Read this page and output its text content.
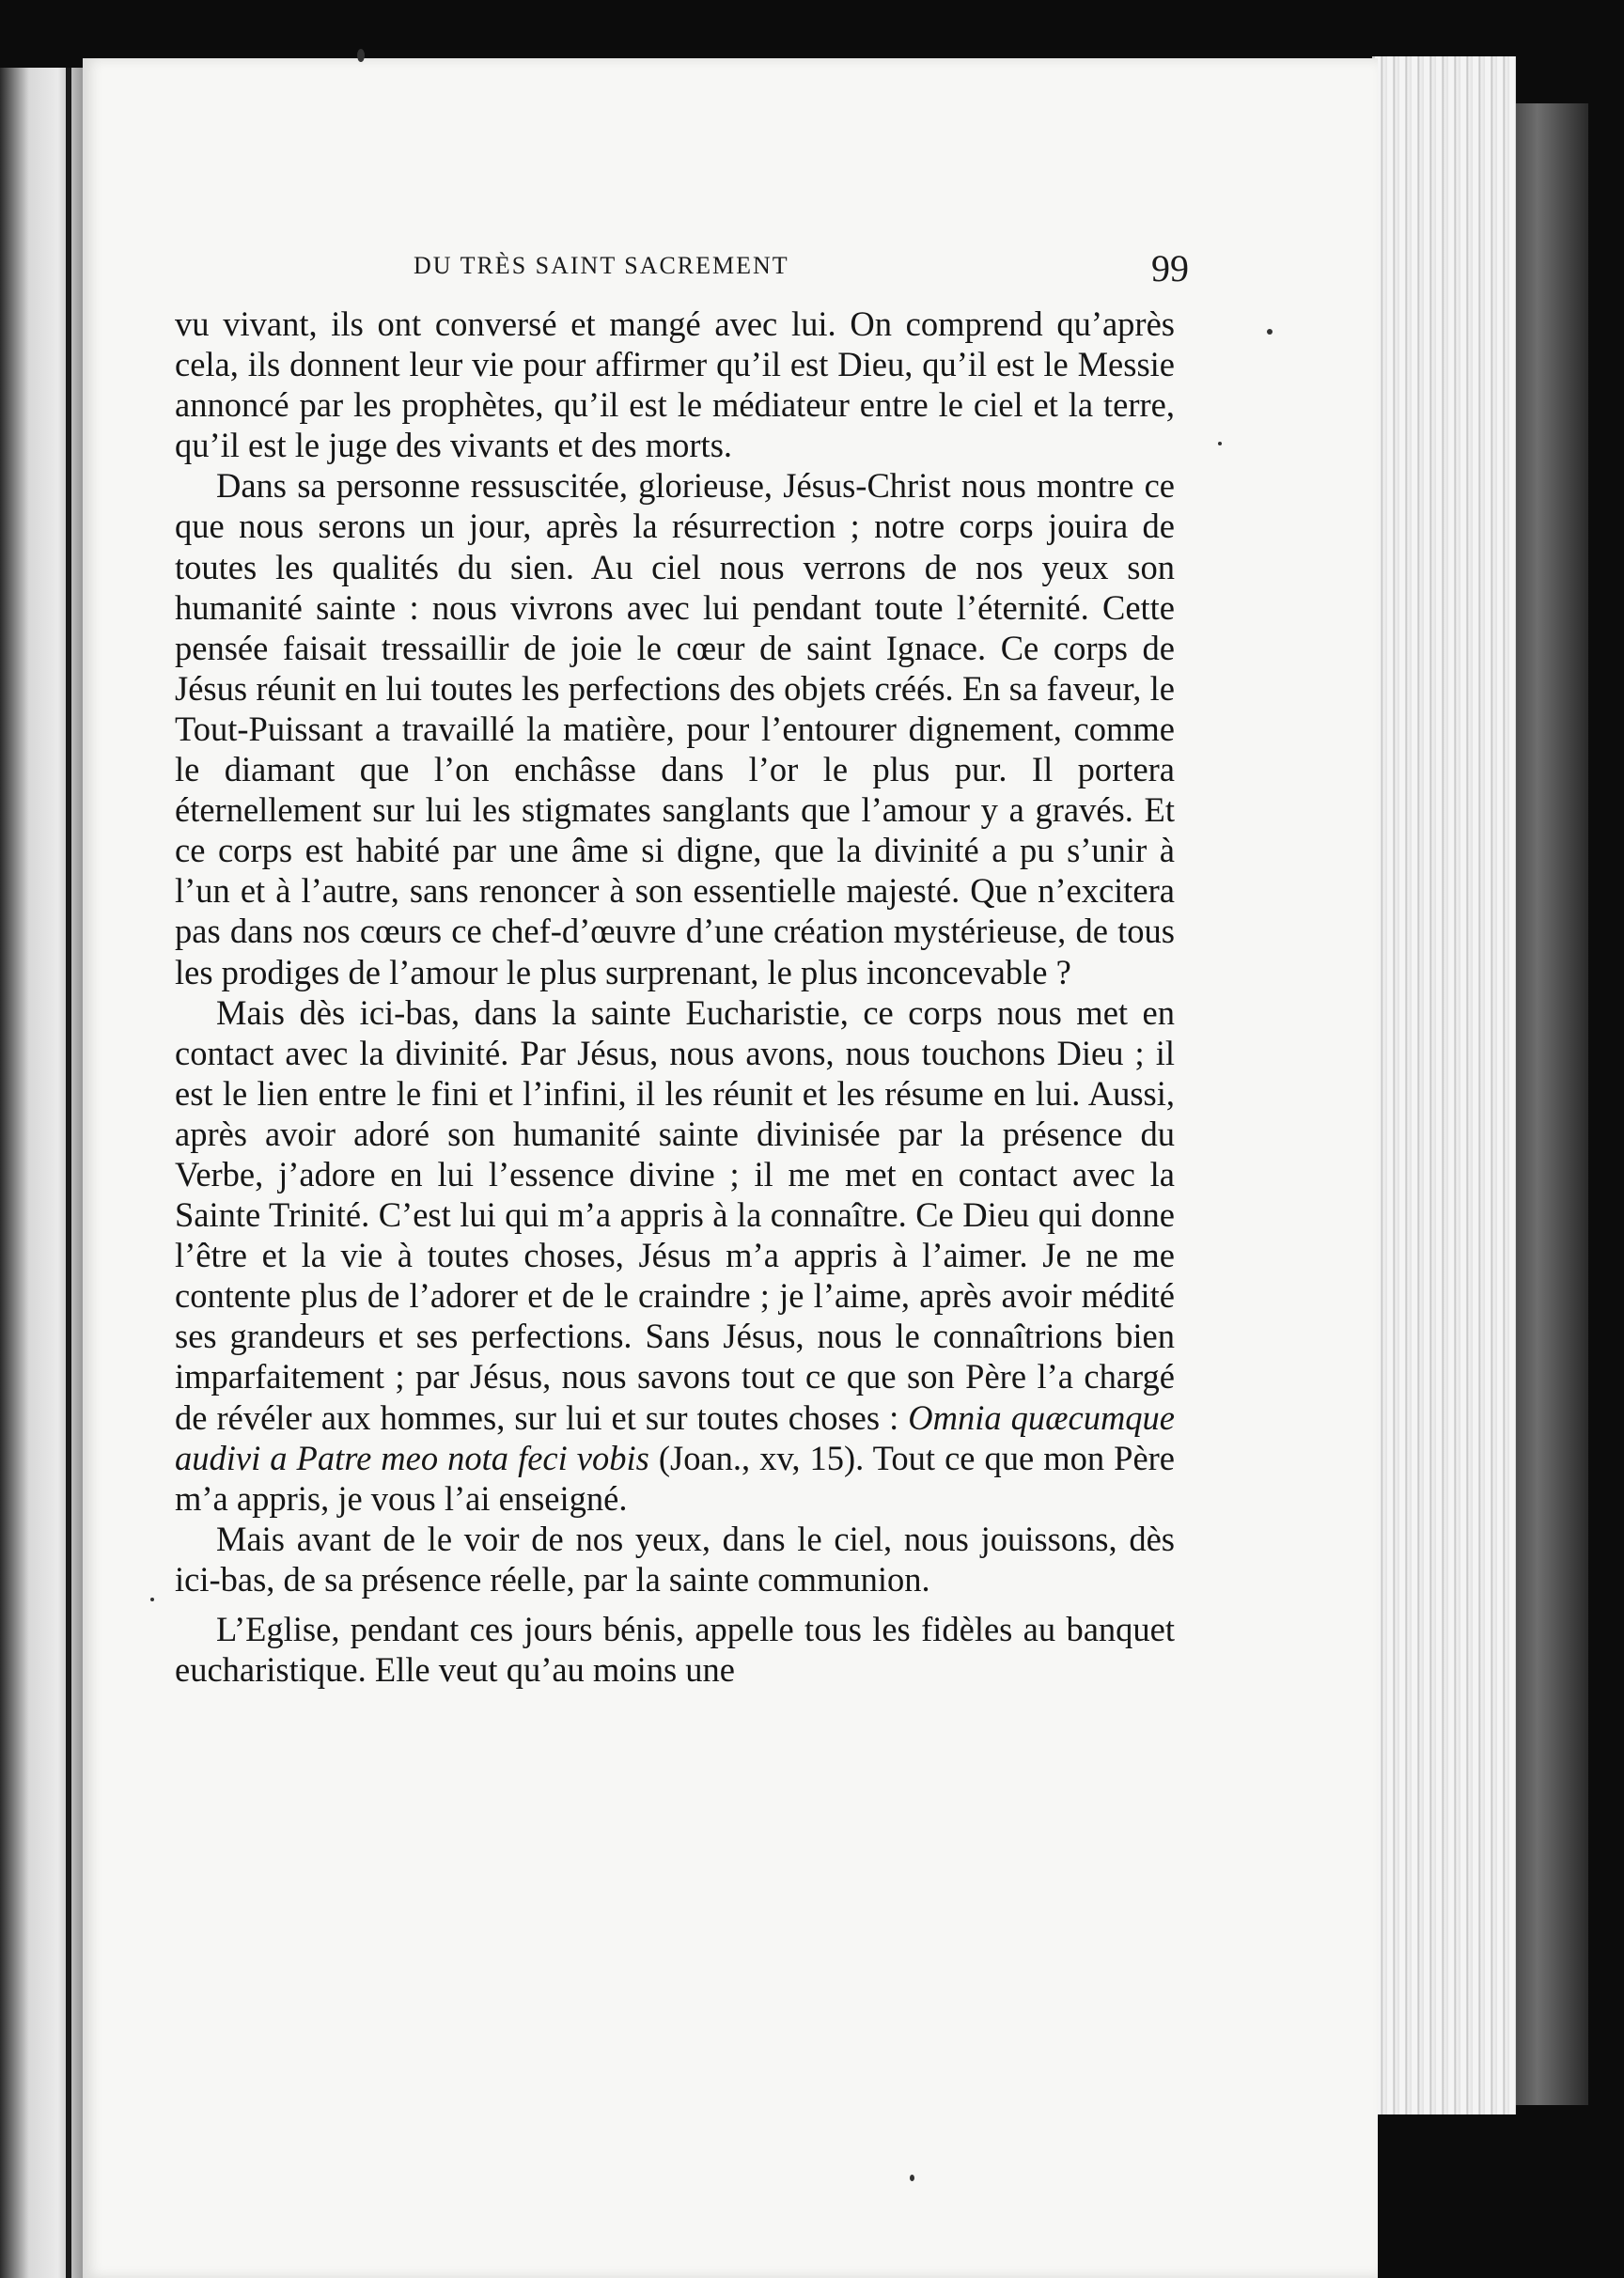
DU TRÈS SAINT SACREMENT	99

vu vivant, ils ont conversé et mangé avec lui. On comprend qu’après cela, ils donnent leur vie pour affirmer qu’il est Dieu, qu’il est le Messie annoncé par les prophètes, qu’il est le médiateur entre le ciel et la terre, qu’il est le juge des vivants et des morts.

Dans sa personne ressuscitée, glorieuse, Jésus-Christ nous montre ce que nous serons un jour, après la résurrection ; notre corps jouira de toutes les qualités du sien. Au ciel nous verrons de nos yeux son humanité sainte : nous vivrons avec lui pendant toute l’éternité. Cette pensée faisait tressaillir de joie le cœur de saint Ignace. Ce corps de Jésus réunit en lui toutes les perfections des objets créés. En sa faveur, le Tout-Puissant a travaillé la matière, pour l’entourer dignement, comme le diamant que l’on enchâsse dans l’or le plus pur. Il portera éternellement sur lui les stigmates sanglants que l’amour y a gravés. Et ce corps est habité par une âme si digne, que la divinité a pu s’unir à l’un et à l’autre, sans renoncer à son essentielle majesté. Que n’excitera pas dans nos cœurs ce chef-d’œuvre d’une création mystérieuse, de tous les prodiges de l’amour le plus surprenant, le plus inconcevable ?

Mais dès ici-bas, dans la sainte Eucharistie, ce corps nous met en contact avec la divinité. Par Jésus, nous avons, nous touchons Dieu ; il est le lien entre le fini et l’infini, il les réunit et les résume en lui. Aussi, après avoir adoré son humanité sainte divinisée par la présence du Verbe, j’adore en lui l’essence divine ; il me met en contact avec la Sainte Trinité. C’est lui qui m’a appris à la connaître. Ce Dieu qui donne l’être et la vie à toutes choses, Jésus m’a appris à l’aimer. Je ne me contente plus de l’adorer et de le craindre ; je l’aime, après avoir médité ses grandeurs et ses perfections. Sans Jésus, nous le connaîtrions bien imparfaitement ; par Jésus, nous savons tout ce que son Père l’a chargé de révéler aux hommes, sur lui et sur toutes choses : Omnia quæcumque audivi a Patre meo nota feci vobis (Joan., xv, 15). Tout ce que mon Père m’a appris, je vous l’ai enseigné.

Mais avant de le voir de nos yeux, dans le ciel, nous jouissons, dès ici-bas, de sa présence réelle, par la sainte communion.

L’Eglise, pendant ces jours bénis, appelle tous les fidèles au banquet eucharistique. Elle veut qu’au moins une
